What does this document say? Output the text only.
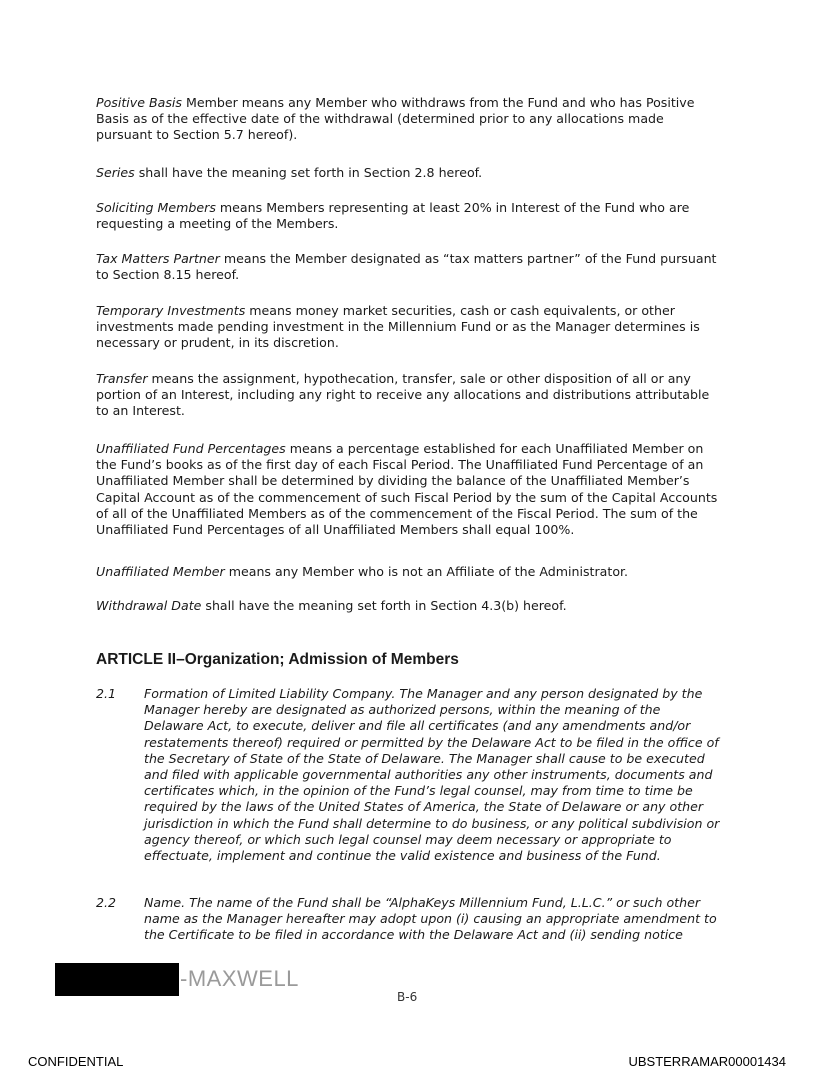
Positive Basis Member means any Member who withdraws from the Fund and who has Positive Basis as of the effective date of the withdrawal (determined prior to any allocations made pursuant to Section 5.7 hereof).

Series shall have the meaning set forth in Section 2.8 hereof.

Soliciting Members means Members representing at least 20% in Interest of the Fund who are requesting a meeting of the Members.

Tax Matters Partner means the Member designated as “tax matters partner” of the Fund pursuant to Section 8.15 hereof.

Temporary Investments means money market securities, cash or cash equivalents, or other investments made pending investment in the Millennium Fund or as the Manager determines is necessary or prudent, in its discretion.

Transfer means the assignment, hypothecation, transfer, sale or other disposition of all or any portion of an Interest, including any right to receive any allocations and distributions attributable to an Interest.

Unaffiliated Fund Percentages means a percentage established for each Unaffiliated Member on the Fund’s books as of the first day of each Fiscal Period. The Unaffiliated Fund Percentage of an Unaffiliated Member shall be determined by dividing the balance of the Unaffiliated Member’s Capital Account as of the commencement of such Fiscal Period by the sum of the Capital Accounts of all of the Unaffiliated Members as of the commencement of the Fiscal Period. The sum of the Unaffiliated Fund Percentages of all Unaffiliated Members shall equal 100%.

Unaffiliated Member means any Member who is not an Affiliate of the Administrator.

Withdrawal Date shall have the meaning set forth in Section 4.3(b) hereof.

ARTICLE II–Organization; Admission of Members
2.1	Formation of Limited Liability Company. The Manager and any person designated by the Manager hereby are designated as authorized persons, within the meaning of the Delaware Act, to execute, deliver and file all certificates (and any amendments and/or restatements thereof) required or permitted by the Delaware Act to be filed in the office of the Secretary of State of the State of Delaware. The Manager shall cause to be executed and filed with applicable governmental authorities any other instruments, documents and certificates which, in the opinion of the Fund’s legal counsel, may from time to time be required by the laws of the United States of America, the State of Delaware or any other jurisdiction in which the Fund shall determine to do business, or any political subdivision or agency thereof, or which such legal counsel may deem necessary or appropriate to effectuate, implement and continue the valid existence and business of the Fund.
2.2	Name. The name of the Fund shall be “AlphaKeys Millennium Fund, L.L.C.” or such other name as the Manager hereafter may adopt upon (i) causing an appropriate amendment to the Certificate to be filed in accordance with the Delaware Act and (ii) sending notice
-MAXWELL
B-6
CONFIDENTIAL	UBSTERRAMAR00001434
